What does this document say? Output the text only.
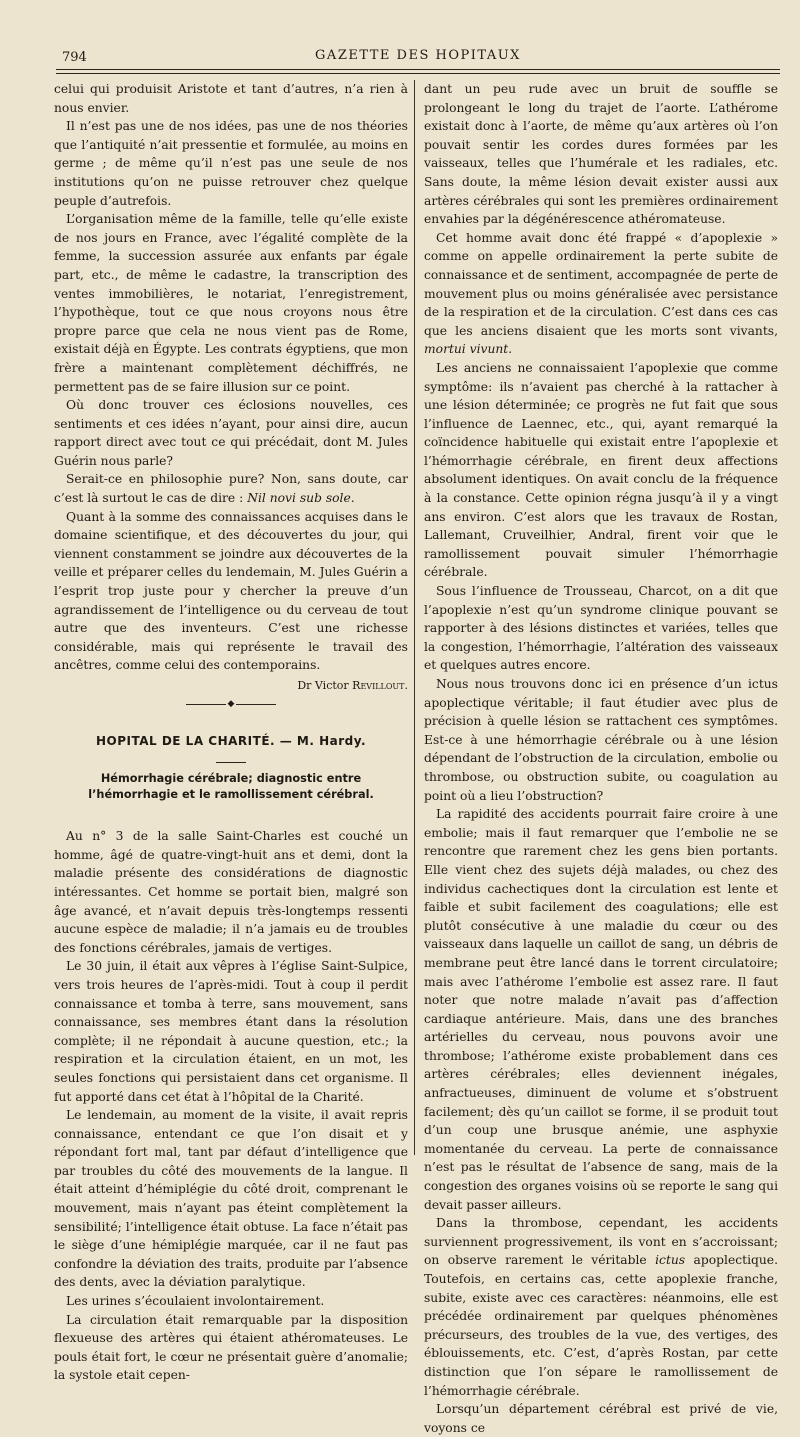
794	GAZETTE DES HOPITAUX

celui qui produisit Aristote et tant d’autres, n’a rien à nous envier.

Il n’est pas une de nos idées, pas une de nos théories que l’antiquité n’ait pressentie et formulée, au moins en germe ; de même qu’il n’est pas une seule de nos institutions qu’on ne puisse retrouver chez quelque peuple d’autrefois.

L’organisation même de la famille, telle qu’elle existe de nos jours en France, avec l’égalité complète de la femme, la succession assurée aux enfants par égale part, etc., de même le cadastre, la transcription des ventes immobilières, le notariat, l’enregistrement, l’hypothèque, tout ce que nous croyons nous être propre parce que cela ne nous vient pas de Rome, existait déjà en Égypte. Les contrats égyptiens, que mon frère a maintenant complètement déchiffrés, ne permettent pas de se faire illusion sur ce point.

Où donc trouver ces éclosions nouvelles, ces sentiments et ces idées n’ayant, pour ainsi dire, aucun rapport direct avec tout ce qui précédait, dont M. Jules Guérin nous parle?

Serait-ce en philosophie pure? Non, sans doute, car c’est là surtout le cas de dire : Nil novi sub sole.

Quant à la somme des connaissances acquises dans le domaine scientifique, et des découvertes du jour, qui viennent constamment se joindre aux découvertes de la veille et préparer celles du lendemain, M. Jules Guérin a l’esprit trop juste pour y chercher la preuve d’un agrandissement de l’intelligence ou du cerveau de tout autre que des inventeurs. C’est une richesse considérable, mais qui représente le travail des ancêtres, comme celui des contemporains.

Dr Victor Revillout.

◆
HOPITAL DE LA CHARITÉ. — M. Hardy.
Hémorrhagie cérébrale; diagnostic entre l’hémorrhagie et le ramollissement cérébral.

Au n° 3 de la salle Saint-Charles est couché un homme, âgé de quatre-vingt-huit ans et demi, dont la maladie présente des considérations de diagnostic intéressantes. Cet homme se portait bien, malgré son âge avancé, et n’avait depuis très-longtemps ressenti aucune espèce de maladie; il n’a jamais eu de troubles des fonctions cérébrales, jamais de vertiges.

Le 30 juin, il était aux vêpres à l’église Saint-Sulpice, vers trois heures de l’après-midi. Tout à coup il perdit connaissance et tomba à terre, sans mouvement, sans connaissance, ses membres étant dans la résolution complète; il ne répondait à aucune question, etc.; la respiration et la circulation étaient, en un mot, les seules fonctions qui persistaient dans cet organisme. Il fut apporté dans cet état à l’hôpital de la Charité.

Le lendemain, au moment de la visite, il avait repris connaissance, entendant ce que l’on disait et y répondant fort mal, tant par défaut d’intelligence que par troubles du côté des mouvements de la langue. Il était atteint d’hémiplégie du côté droit, comprenant le mouvement, mais n’ayant pas éteint complètement la sensibilité; l’intelligence était obtuse. La face n’était pas le siège d’une hémiplégie marquée, car il ne faut pas confondre la déviation des traits, produite par l’absence des dents, avec la déviation paralytique.

Les urines s’écoulaient involontairement.

La circulation était remarquable par la disposition flexueuse des artères qui étaient athéromateuses. Le pouls était fort, le cœur ne présentait guère d’anomalie; la systole etait cepen-

dant un peu rude avec un bruit de souffle se prolongeant le long du trajet de l’aorte. L’athérome existait donc à l’aorte, de même qu’aux artères où l’on pouvait sentir les cordes dures formées par les vaisseaux, telles que l’humérale et les radiales, etc. Sans doute, la même lésion devait exister aussi aux artères cérébrales qui sont les premières ordinairement envahies par la dégénérescence athéromateuse.

Cet homme avait donc été frappé « d’apoplexie » comme on appelle ordinairement la perte subite de connaissance et de sentiment, accompagnée de perte de mouvement plus ou moins généralisée avec persistance de la respiration et de la circulation. C’est dans ces cas que les anciens disaient que les morts sont vivants, mortui vivunt.

Les anciens ne connaissaient l’apoplexie que comme symptôme: ils n’avaient pas cherché à la rattacher à une lésion déterminée; ce progrès ne fut fait que sous l’influence de Laennec, etc., qui, ayant remarqué la coïncidence habituelle qui existait entre l’apoplexie et l’hémorrhagie cérébrale, en firent deux affections absolument identiques. On avait conclu de la fréquence à la constance. Cette opinion régna jusqu’à il y a vingt ans environ. C’est alors que les travaux de Rostan, Lallemant, Cruveilhier, Andral, firent voir que le ramollissement pouvait simuler l’hémorrhagie cérébrale.

Sous l’influence de Trousseau, Charcot, on a dit que l’apoplexie n’est qu’un syndrome clinique pouvant se rapporter à des lésions distinctes et variées, telles que la congestion, l’hémorrhagie, l’altération des vaisseaux et quelques autres encore.

Nous nous trouvons donc ici en présence d’un ictus apoplectique véritable; il faut étudier avec plus de précision à quelle lésion se rattachent ces symptômes. Est-ce à une hémorrhagie cérébrale ou à une lésion dépendant de l’obstruction de la circulation, embolie ou thrombose, ou obstruction subite, ou coagulation au point où a lieu l’obstruction?

La rapidité des accidents pourrait faire croire à une embolie; mais il faut remarquer que l’embolie ne se rencontre que rarement chez les gens bien portants. Elle vient chez des sujets déjà malades, ou chez des individus cachectiques dont la circulation est lente et faible et subit facilement des coagulations; elle est plutôt consécutive à une maladie du cœur ou des vaisseaux dans laquelle un caillot de sang, un débris de membrane peut être lancé dans le torrent circulatoire; mais avec l’athérome l’embolie est assez rare. Il faut noter que notre malade n’avait pas d’affection cardiaque antérieure. Mais, dans une des branches artérielles du cerveau, nous pouvons avoir une thrombose; l’athérome existe probablement dans ces artères cérébrales; elles deviennent inégales, anfractueuses, diminuent de volume et s’obstruent facilement; dès qu’un caillot se forme, il se produit tout d’un coup une brusque anémie, une asphyxie momentanée du cerveau. La perte de connaissance n’est pas le résultat de l’absence de sang, mais de la congestion des organes voisins où se reporte le sang qui devait passer ailleurs.

Dans la thrombose, cependant, les accidents surviennent progressivement, ils vont en s’accroissant; on observe rarement le véritable ictus apoplectique. Toutefois, en certains cas, cette apoplexie franche, subite, existe avec ces caractères: néanmoins, elle est précédée ordinairement par quelques phénomènes précurseurs, des troubles de la vue, des vertiges, des éblouissements, etc. C’est, d’après Rostan, par cette distinction que l’on sépare le ramollissement de l’hémorrhagie cérébrale.

Lorsqu’un département cérébral est privé de vie, voyons ce
